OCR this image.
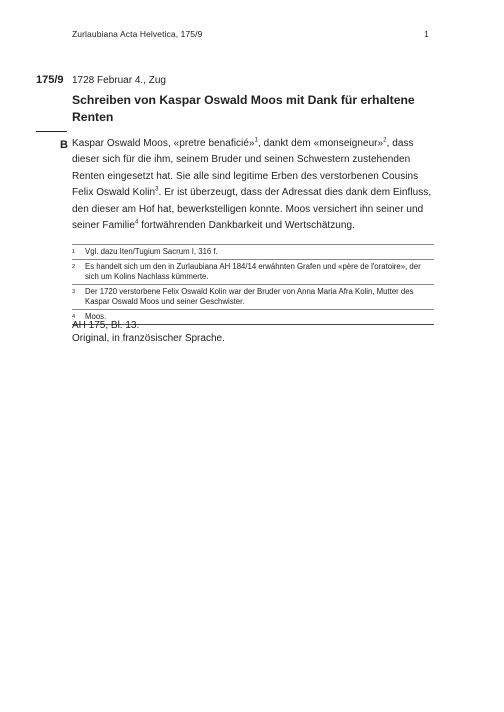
Zurlaubiana Acta Helvetica, 175/9	1
175/9 1728 Februar 4., Zug
Schreiben von Kaspar Oswald Moos mit Dank für erhaltene Renten
B Kaspar Oswald Moos, «pretre benaficié»$^1$, dankt dem «monseigneur»$^2$, dass dieser sich für die ihm, seinem Bruder und seinen Schwestern zustehenden Renten eingesetzt hat. Sie alle sind legitime Erben des verstorbenen Cousins Felix Oswald Kolin$^3$. Er ist überzeugt, dass der Adressat dies dank dem Einfluss, den dieser am Hof hat, bewerkstelligen konnte. Moos versichert ihn seiner und seiner Familie$^4$ fortwährenden Dankbarkeit und Wertschätzung.

1	Vgl. dazu Iten/Tugium Sacrum I, 316 f.
2	Es handelt sich um den in Zurlaubiana AH 184/14 erwähnten Grafen und «père de l'oratoire», der sich um Kolins Nachlass kümmerte.
3	Der 1720 verstorbene Felix Oswald Kolin war der Bruder von Anna Maria Afra Kolin, Mutter des Kaspar Oswald Moos und seiner Geschwister.
4	Moos.
AH 175, Bl. 13.
Original, in französischer Sprache.
